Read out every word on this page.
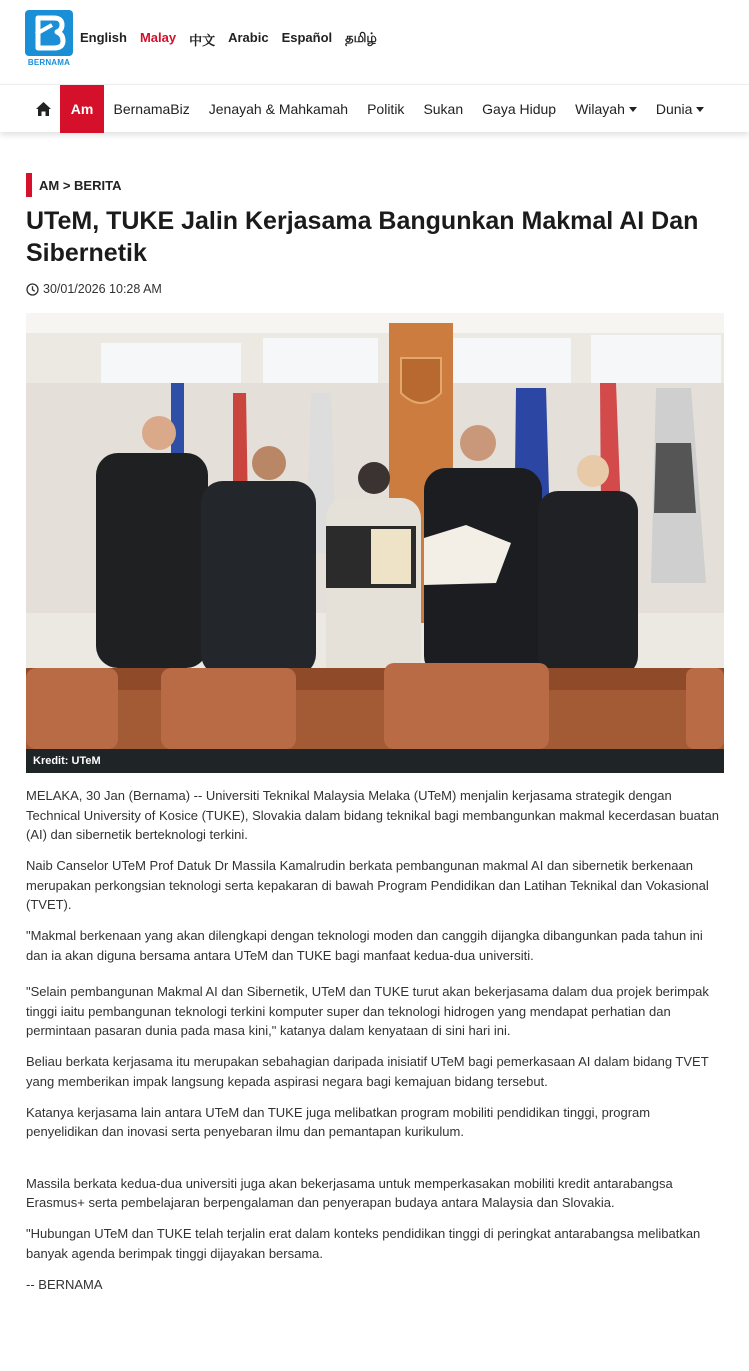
BERNAMA
English Malay 中文 Arabic Español தமிழ்
Am	BernamaBiz Jenayah & Mahkamah Politik Sukan Gaya Hidup Wilayah Dunia
AM > BERITA
UTeM, TUKE Jalin Kerjasama Bangunkan Makmal AI Dan Sibernetik
30/01/2026 10:28 AM
Kredit: UTeM

MELAKA, 30 Jan (Bernama) -- Universiti Teknikal Malaysia Melaka (UTeM) menjalin kerjasama strategik dengan Technical University of Kosice (TUKE), Slovakia dalam bidang teknikal bagi membangunkan makmal kecerdasan buatan (AI) dan sibernetik berteknologi terkini.

Naib Canselor UTeM Prof Datuk Dr Massila Kamalrudin berkata pembangunan makmal AI dan sibernetik berkenaan merupakan perkongsian teknologi serta kepakaran di bawah Program Pendidikan dan Latihan Teknikal dan Vokasional (TVET).

"Makmal berkenaan yang akan dilengkapi dengan teknologi moden dan canggih dijangka dibangunkan pada tahun ini dan ia akan diguna bersama antara UTeM dan TUKE bagi manfaat kedua-dua universiti.

"Selain pembangunan Makmal AI dan Sibernetik, UTeM dan TUKE turut akan bekerjasama dalam dua projek berimpak tinggi iaitu pembangunan teknologi terkini komputer super dan teknologi hidrogen yang mendapat perhatian dan permintaan pasaran dunia pada masa kini," katanya dalam kenyataan di sini hari ini.

Beliau berkata kerjasama itu merupakan sebahagian daripada inisiatif UTeM bagi pemerkasaan AI dalam bidang TVET yang memberikan impak langsung kepada aspirasi negara bagi kemajuan bidang tersebut.

Katanya kerjasama lain antara UTeM dan TUKE juga melibatkan program mobiliti pendidikan tinggi, program penyelidikan dan inovasi serta penyebaran ilmu dan pemantapan kurikulum.

Massila berkata kedua-dua universiti juga akan bekerjasama untuk memperkasakan mobiliti kredit antarabangsa Erasmus+ serta pembelajaran berpengalaman dan penyerapan budaya antara Malaysia dan Slovakia.

"Hubungan UTeM dan TUKE telah terjalin erat dalam konteks pendidikan tinggi di peringkat antarabangsa melibatkan banyak agenda berimpak tinggi dijayakan bersama.

-- BERNAMA
